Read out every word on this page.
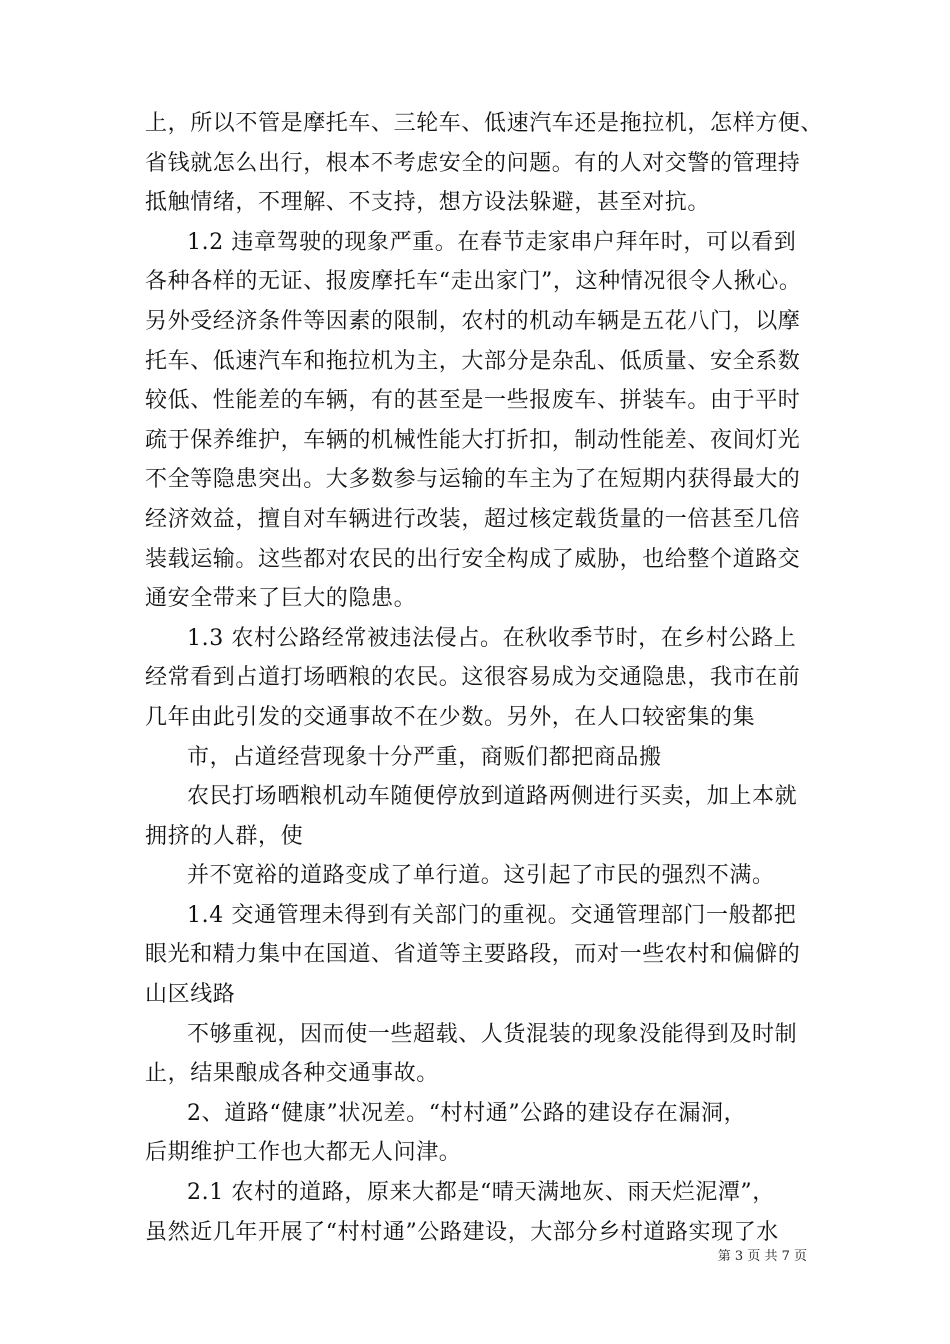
上，所以不管是摩托车、三轮车、低速汽车还是拖拉机，怎样方便、
省钱就怎么出行，根本不考虑安全的问题。有的人对交警的管理持
抵触情绪，不理解、不支持，想方设法躲避，甚至对抗。
1.2 违章驾驶的现象严重。在春节走家串户拜年时，可以看到
各种各样的无证、报废摩托车“走出家门”，这种情况很令人揪心。
另外受经济条件等因素的限制，农村的机动车辆是五花八门，以摩
托车、低速汽车和拖拉机为主，大部分是杂乱、低质量、安全系数
较低、性能差的车辆，有的甚至是一些报废车、拼装车。由于平时
疏于保养维护，车辆的机械性能大打折扣，制动性能差、夜间灯光
不全等隐患突出。大多数参与运输的车主为了在短期内获得最大的
经济效益，擅自对车辆进行改装，超过核定载货量的一倍甚至几倍
装载运输。这些都对农民的出行安全构成了威胁，也给整个道路交
通安全带来了巨大的隐患。
1.3 农村公路经常被违法侵占。在秋收季节时，在乡村公路上
经常看到占道打场晒粮的农民。这很容易成为交通隐患，我市在前
几年由此引发的交通事故不在少数。另外，在人口较密集的集
市，占道经营现象十分严重，商贩们都把商品搬
农民打场晒粮机动车随便停放到道路两侧进行买卖，加上本就
拥挤的人群，使
并不宽裕的道路变成了单行道。这引起了市民的强烈不满。
1.4 交通管理未得到有关部门的重视。交通管理部门一般都把
眼光和精力集中在国道、省道等主要路段，而对一些农村和偏僻的
山区线路
不够重视，因而使一些超载、人货混装的现象没能得到及时制
止，结果酿成各种交通事故。
2、道路“健康”状况差。“村村通”公路的建设存在漏洞，
后期维护工作也大都无人问津。
2.1 农村的道路，原来大都是“晴天满地灰、雨天烂泥潭”，
虽然近几年开展了“村村通”公路建设，大部分乡村道路实现了水
第 3 页 共 7 页
